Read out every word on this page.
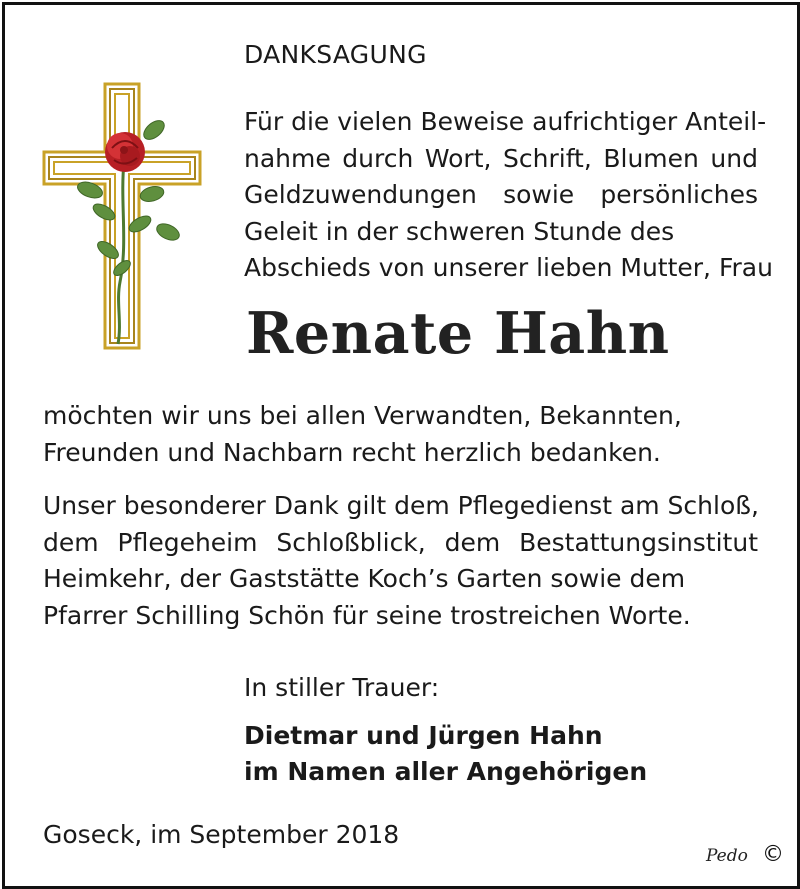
DANKSAGUNG
Für die vielen Beweise aufrichtiger Anteil-
nahme durch Wort, Schrift, Blumen und
Geldzuwendungen sowie persönliches
Geleit in der schweren Stunde des
Abschieds von unserer lieben Mutter, Frau
Renate Hahn
möchten wir uns bei allen Verwandten, Bekannten,
Freunden und Nachbarn recht herzlich bedanken.
Unser besonderer Dank gilt dem Pflegedienst am Schloß,
dem Pflegeheim Schloßblick, dem Bestattungsinstitut
Heimkehr, der Gaststätte Koch’s Garten sowie dem
Pfarrer Schilling Schön für seine trostreichen Worte.
In stiller Trauer:
Dietmar und Jürgen Hahn
im Namen aller Angehörigen
Goseck, im September 2018
Pedo ©
